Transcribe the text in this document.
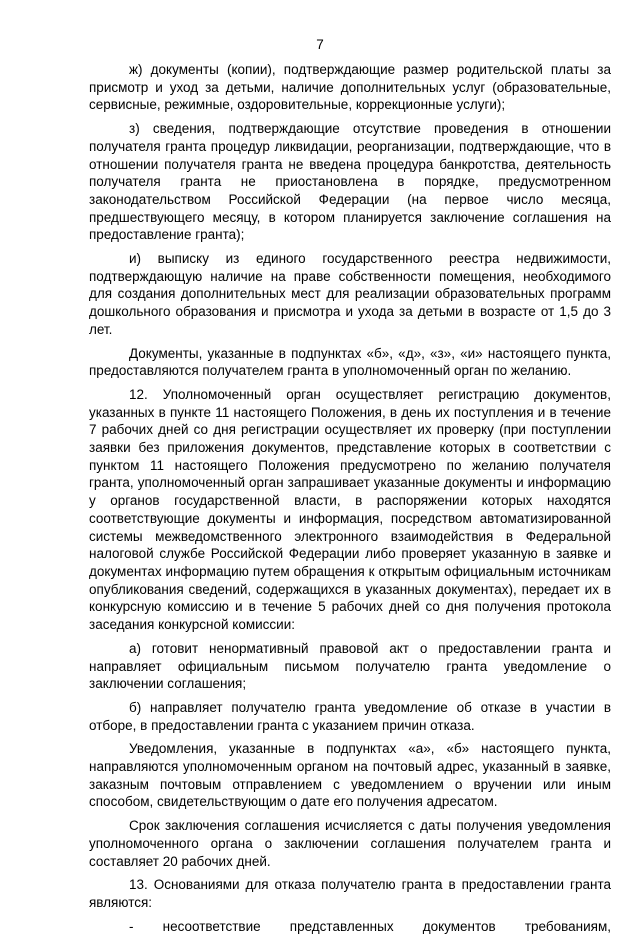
7

ж) документы (копии), подтверждающие размер родительской платы за присмотр и уход за детьми, наличие дополнительных услуг (образовательные, сервисные, режимные, оздоровительные, коррекционные услуги);

з) сведения, подтверждающие отсутствие проведения в отношении получателя гранта процедур ликвидации, реорганизации, подтверждающие, что в отношении получателя гранта не введена процедура банкротства, деятельность получателя гранта не приостановлена в порядке, предусмотренном законодательством Российской Федерации (на первое число месяца, предшествующего месяцу, в котором планируется заключение соглашения на предоставление гранта);

и) выписку из единого государственного реестра недвижимости, подтверждающую наличие на праве собственности помещения, необходимого для создания дополнительных мест для реализации образовательных программ дошкольного образования и присмотра и ухода за детьми в возрасте от 1,5 до 3 лет.

Документы, указанные в подпунктах «б», «д», «з», «и» настоящего пункта, предоставляются получателем гранта в уполномоченный орган по желанию.

12. Уполномоченный орган осуществляет регистрацию документов, указанных в пункте 11 настоящего Положения, в день их поступления и в течение 7 рабочих дней со дня регистрации осуществляет их проверку (при поступлении заявки без приложения документов, представление которых в соответствии с пунктом 11 настоящего Положения предусмотрено по желанию получателя гранта, уполномоченный орган запрашивает указанные документы и информацию у органов государственной власти, в распоряжении которых находятся соответствующие документы и информация, посредством автоматизированной системы межведомственного электронного взаимодействия в Федеральной налоговой службе Российской Федерации либо проверяет указанную в заявке и документах информацию путем обращения к открытым официальным источникам опубликования сведений, содержащихся в указанных документах), передает их в конкурсную комиссию и в течение 5 рабочих дней со дня получения протокола заседания конкурсной комиссии:

а) готовит ненормативный правовой акт о предоставлении гранта и направляет официальным письмом получателю гранта уведомление о заключении соглашения;

б) направляет получателю гранта уведомление об отказе в участии в отборе, в предоставлении гранта с указанием причин отказа.

Уведомления, указанные в подпунктах «а», «б» настоящего пункта, направляются уполномоченным органом на почтовый адрес, указанный в заявке, заказным почтовым отправлением с уведомлением о вручении или иным способом, свидетельствующим о дате его получения адресатом.

Срок заключения соглашения исчисляется с даты получения уведомления уполномоченного органа о заключении соглашения получателем гранта и составляет 20 рабочих дней.

13. Основаниями для отказа получателю гранта в предоставлении гранта являются:

- несоответствие представленных документов требованиям,
